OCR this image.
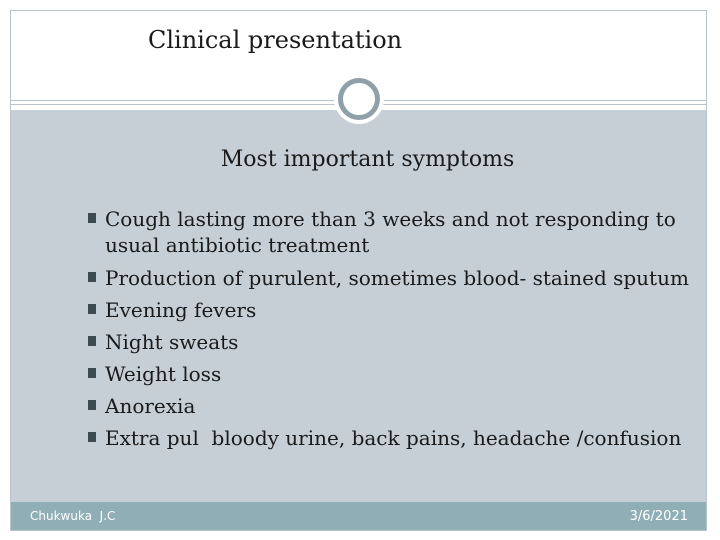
Clinical presentation
Most important symptoms
Cough lasting more than 3 weeks and not responding to
usual antibiotic treatment
Production of purulent, sometimes blood- stained sputum
Evening fevers
Night sweats
Weight loss
Anorexia
Extra pul  bloody urine, back pains, headache /confusion
Chukwuka  J.C	3/6/2021
